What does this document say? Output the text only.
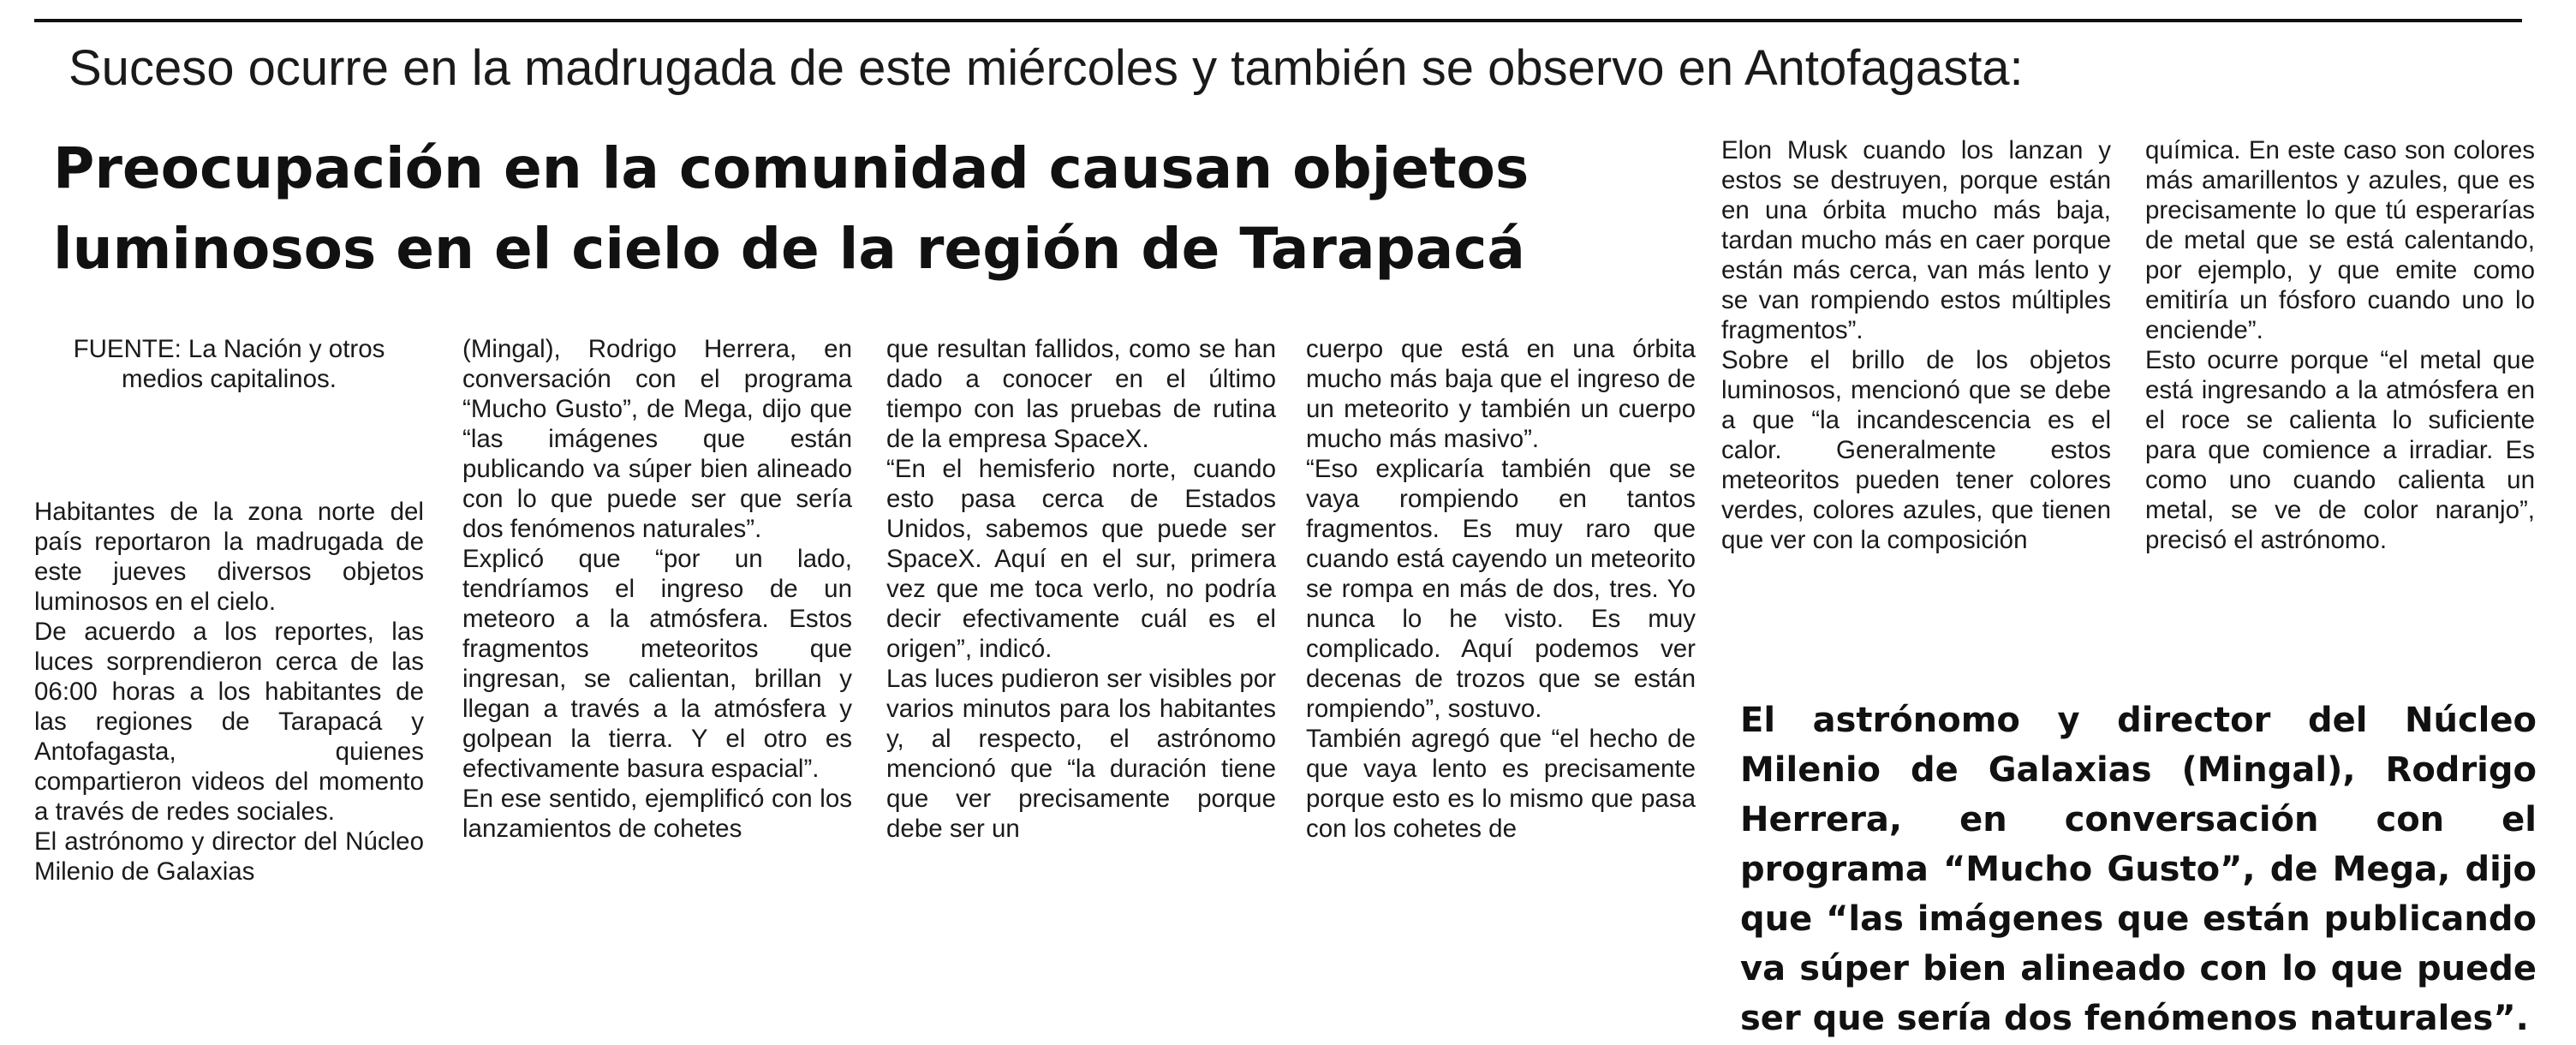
Suceso ocurre en la madrugada de este miércoles y también se observo en Antofagasta:
Preocupación en la comunidad causan objetos
luminosos en el cielo de la región de Tarapacá
FUENTE: La Nación y otros medios capitalinos.

Habitantes de la zona norte del país reportaron la madrugada de este jueves diversos objetos luminosos en el cielo.

De acuerdo a los reportes, las luces sorprendieron cerca de las 06:00 horas a los habitantes de las regiones de Tarapacá y Antofagasta, quienes compartieron videos del momento a través de redes sociales.

El astrónomo y director del Núcleo Milenio de Galaxias

(Mingal), Rodrigo Herrera, en conversación con el programa “Mucho Gusto”, de Mega, dijo que “las imágenes que están publicando va súper bien alineado con lo que puede ser que sería dos fenómenos naturales”.

Explicó que “por un lado, tendríamos el ingreso de un meteoro a la atmósfera. Estos fragmentos meteoritos que ingresan, se calientan, brillan y llegan a través a la atmósfera y golpean la tierra. Y el otro es efectivamente basura espacial”.

En ese sentido, ejemplificó con los lanzamientos de cohetes

que resultan fallidos, como se han dado a conocer en el último tiempo con las pruebas de rutina de la empresa SpaceX.

“En el hemisferio norte, cuando esto pasa cerca de Estados Unidos, sabemos que puede ser SpaceX. Aquí en el sur, primera vez que me toca verlo, no podría decir efectivamente cuál es el origen”, indicó.

Las luces pudieron ser visibles por varios minutos para los habitantes y, al respecto, el astrónomo mencionó que “la duración tiene que ver precisamente porque debe ser un

cuerpo que está en una órbita mucho más baja que el ingreso de un meteorito y también un cuerpo mucho más masivo”.

“Eso explicaría también que se vaya rompiendo en tantos fragmentos. Es muy raro que cuando está cayendo un meteorito se rompa en más de dos, tres. Yo nunca lo he visto. Es muy complicado. Aquí podemos ver decenas de trozos que se están rompiendo”, sostuvo.

También agregó que “el hecho de que vaya lento es precisamente porque esto es lo mismo que pasa con los cohetes de

Elon Musk cuando los lanzan y estos se destruyen, porque están en una órbita mucho más baja, tardan mucho más en caer porque están más cerca, van más lento y se van rompiendo estos múltiples fragmentos”.

Sobre el brillo de los objetos luminosos, mencionó que se debe a que “la incandescencia es el calor. Generalmente estos meteoritos pueden tener colores verdes, colores azules, que tienen que ver con la composición

química. En este caso son colores más amarillentos y azules, que es precisamente lo que tú esperarías de metal que se está calentando, por ejemplo, y que emite como emitiría un fósforo cuando uno lo enciende”.

Esto ocurre porque “el metal que está ingresando a la atmósfera en el roce se calienta lo suficiente para que comience a irradiar. Es como uno cuando calienta un metal, se ve de color naranjo”, precisó el astrónomo.

El astrónomo y director del Núcleo Milenio de Galaxias (Mingal), Rodrigo Herrera, en conversación con el programa “Mucho Gusto”, de Mega, dijo que “las imágenes que están publicando va súper bien alineado con lo que puede ser que sería dos fenómenos naturales”.
